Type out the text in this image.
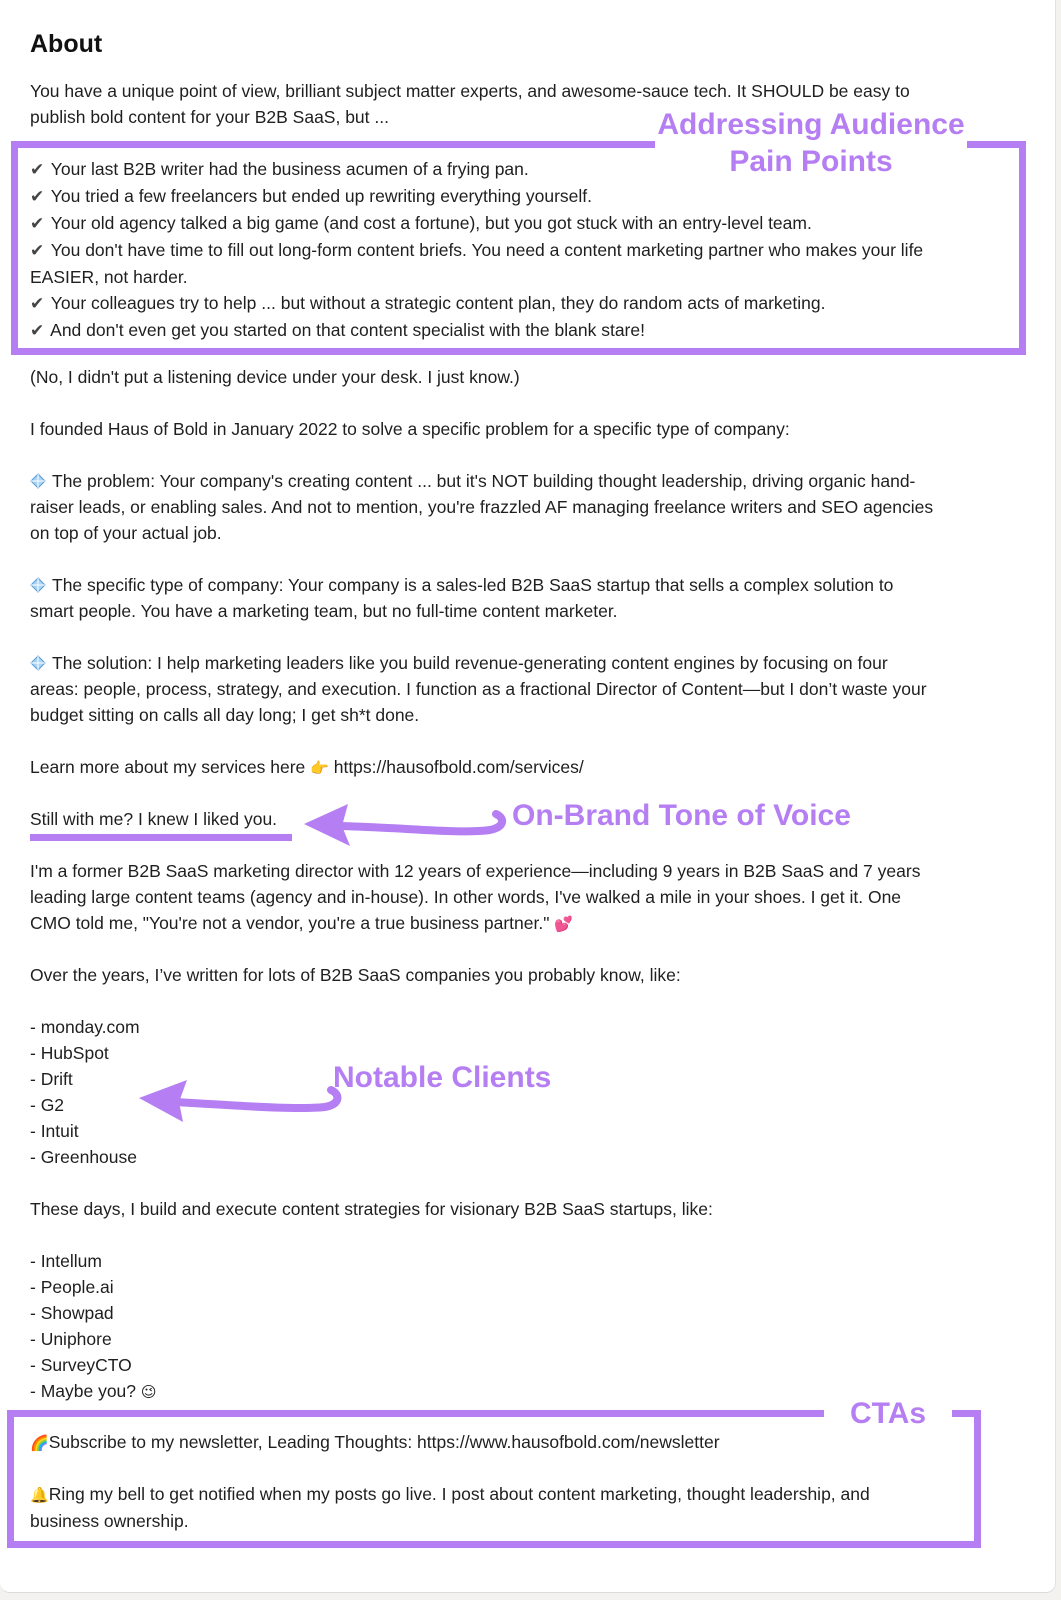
About

You have a unique point of view, brilliant subject matter experts, and awesome-sauce tech. It SHOULD be easy to
publish bold content for your B2B SaaS, but ...	Addressing Audience
Pain Points
✔ Your last B2B writer had the business acumen of a frying pan.
✔ You tried a few freelancers but ended up rewriting everything yourself.
✔ Your old agency talked a big game (and cost a fortune), but you got stuck with an entry-level team.
✔ You don't have time to fill out long-form content briefs. You need a content marketing partner who makes your life
EASIER, not harder.
✔ Your colleagues try to help ... but without a strategic content plan, they do random acts of marketing.
✔ And don't even get you started on that content specialist with the blank stare!

(No, I didn't put a listening device under your desk. I just know.)

I founded Haus of Bold in January 2022 to solve a specific problem for a specific type of company:

The problem: Your company's creating content ... but it's NOT building thought leadership, driving organic hand-
raiser leads, or enabling sales. And not to mention, you're frazzled AF managing freelance writers and SEO agencies
on top of your actual job.
The specific type of company: Your company is a sales-led B2B SaaS startup that sells a complex solution to
smart people. You have a marketing team, but no full-time content marketer.
The solution: I help marketing leaders like you build revenue-generating content engines by focusing on four
areas: people, process, strategy, and execution. I function as a fractional Director of Content—but I don’t waste your
budget sitting on calls all day long; I get sh*t done.

Learn more about my services here 👉 https://hausofbold.com/services/

Still with me? I knew I liked you.	On-Brand Tone of Voice
I'm a former B2B SaaS marketing director with 12 years of experience—including 9 years in B2B SaaS and 7 years
leading large content teams (agency and in-house). In other words, I've walked a mile in your shoes. I get it. One
CMO told me, "You're not a vendor, you're a true business partner." 💕

Over the years, I’ve written for lots of B2B SaaS companies you probably know, like:

- monday.com
- HubSpot
- Drift
- G2
- Intuit
- Greenhouse
Notable Clients

These days, I build and execute content strategies for visionary B2B SaaS startups, like:

- Intellum
- People.ai
- Showpad
- Uniphore
- SurveyCTO
- Maybe you? 😉
CTAs

🌈Subscribe to my newsletter, Leading Thoughts: https://www.hausofbold.com/newsletter

🔔Ring my bell to get notified when my posts go live. I post about content marketing, thought leadership, and
business ownership.
